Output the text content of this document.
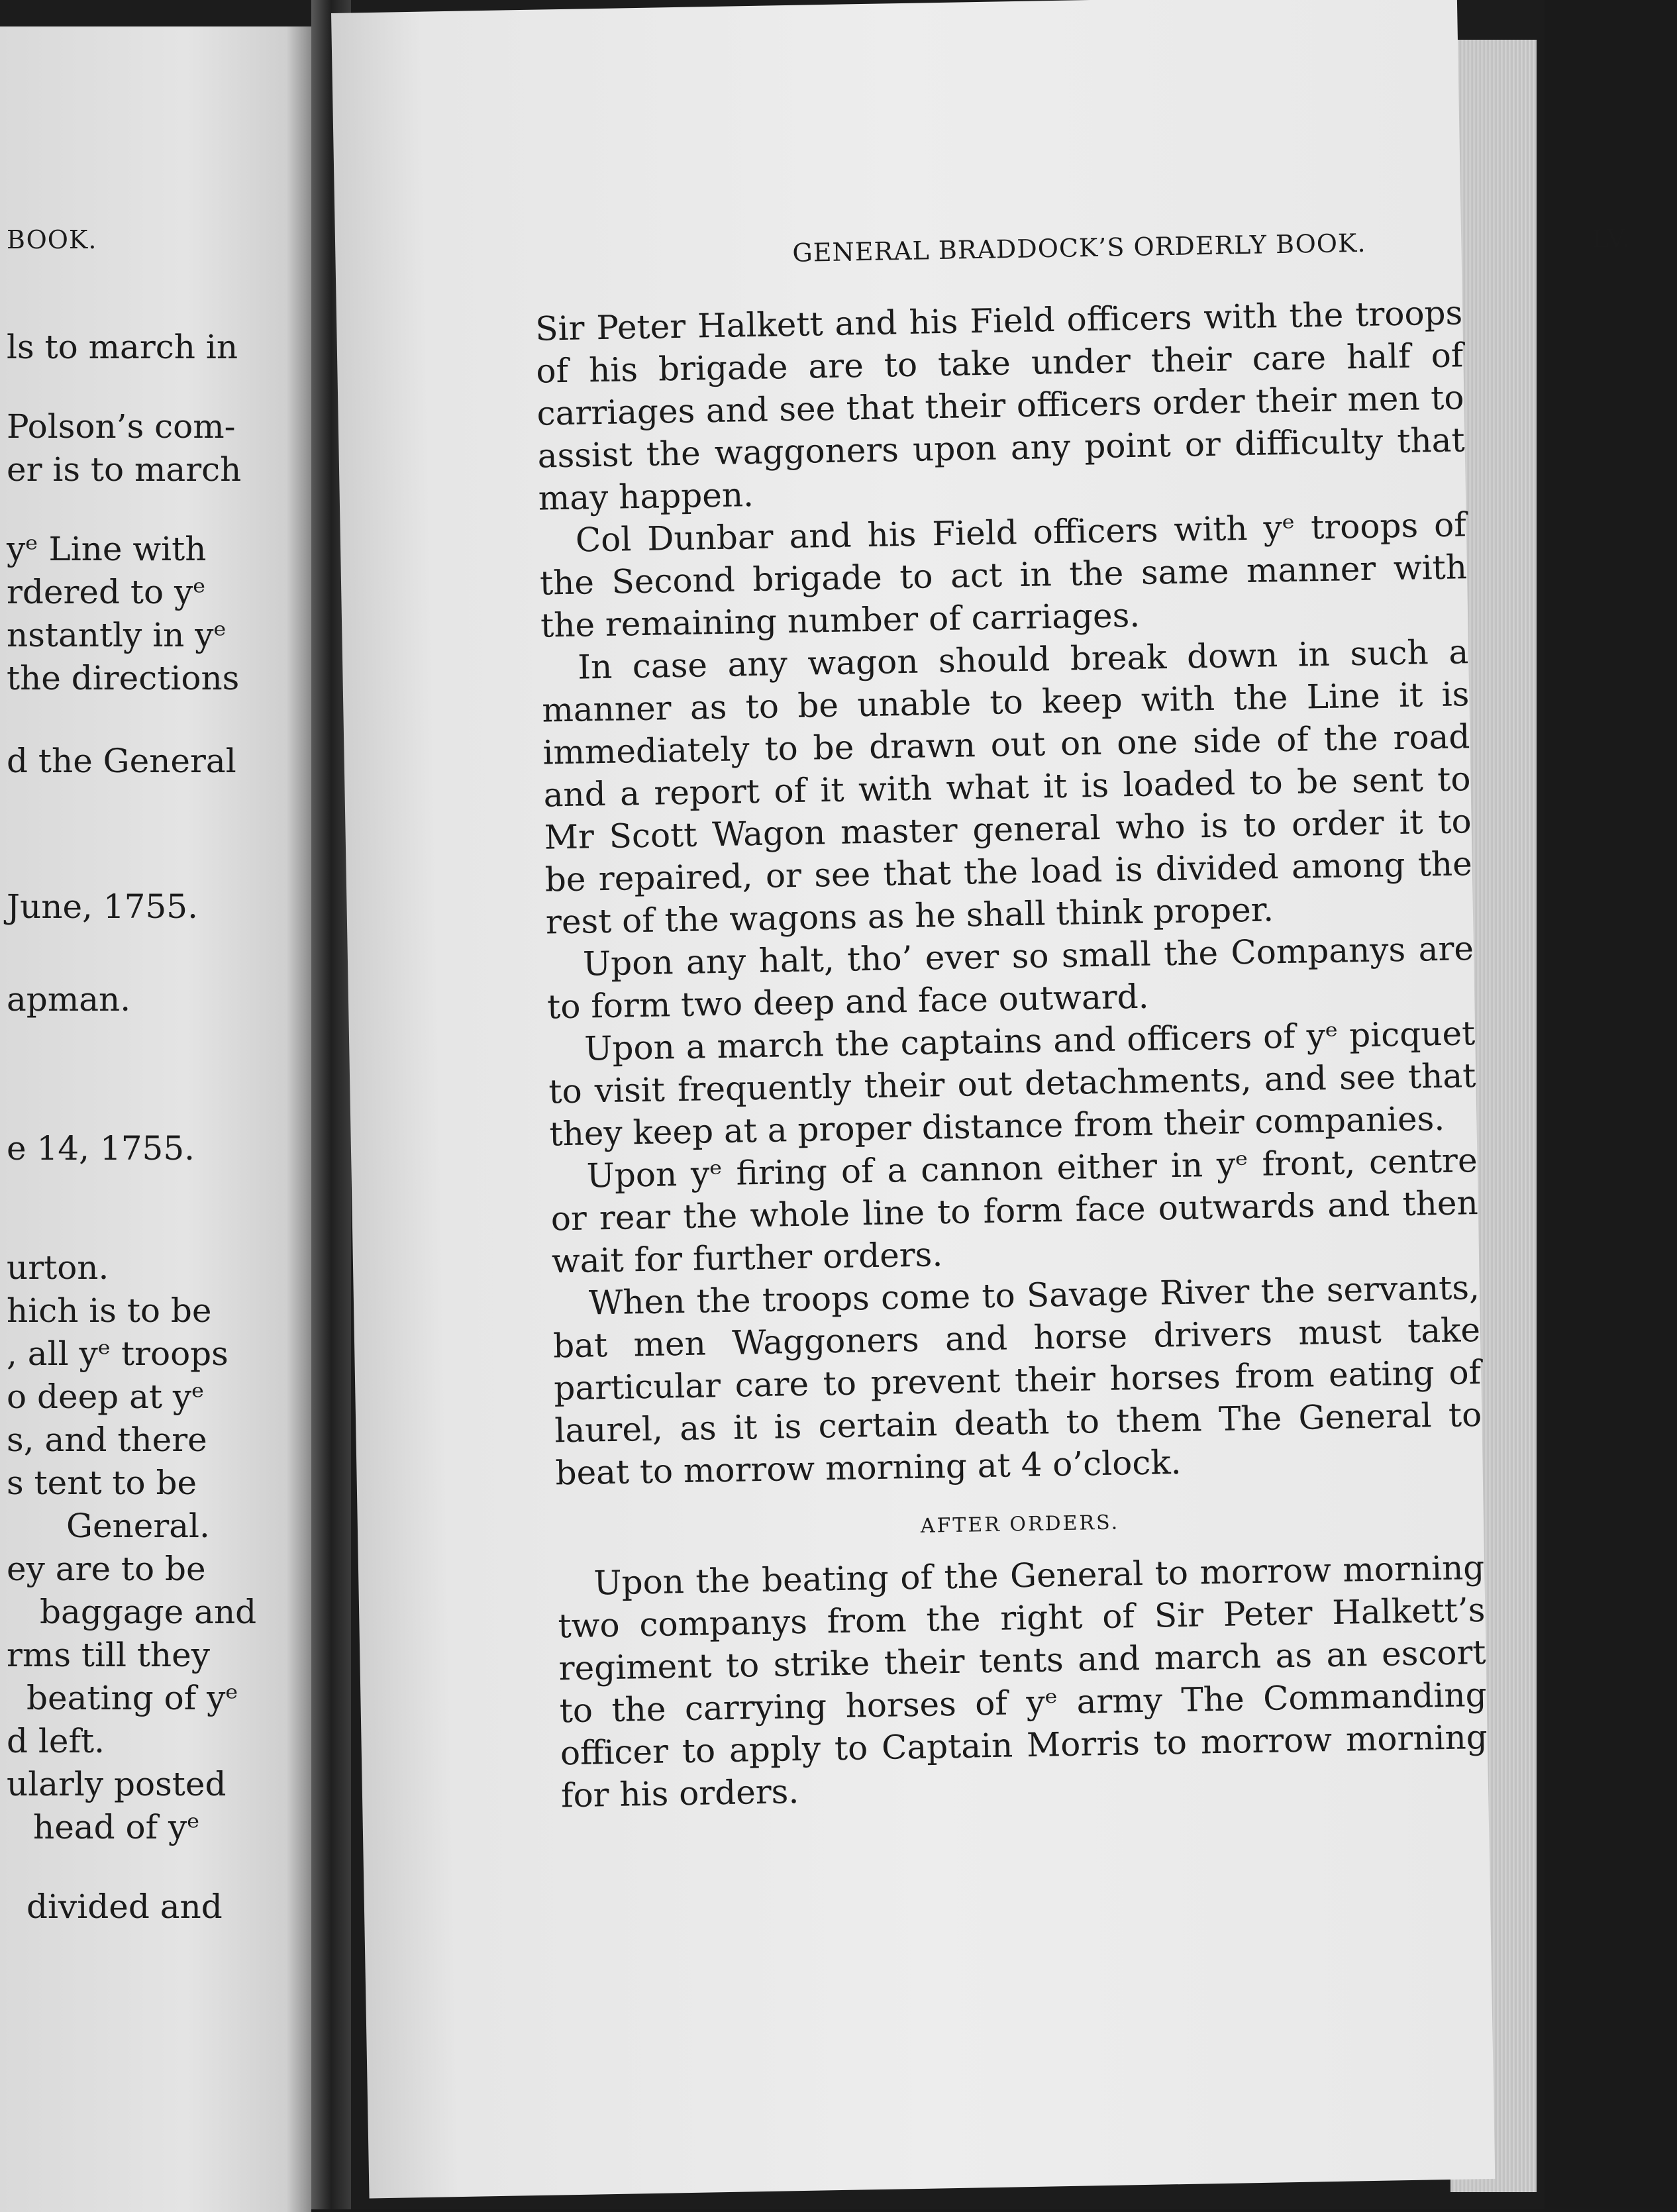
BOOK.
ls to march in
Polson’s com-
er is to march
yᵉ Line with
rdered to yᵉ
nstantly in yᵉ
the directions
d the General
June, 1755.
apman.
e 14, 1755.
urton.
hich is to be
, all yᵉ troops
o deep at yᵉ
s, and there
s tent to be
General.
ey are to be
baggage and
rms till they
beating of yᵉ
d left.
ularly posted
head of yᵉ
divided and
GENERAL BRADDOCK’S ORDERLY BOOK.	LV.

Sir Peter Halkett and his Field officers with the troops of his brigade are to take under their care half of carriages and see that their officers order their men to assist the waggoners upon any point or difficulty that may happen.

Col Dunbar and his Field officers with yᵉ troops of the Second brigade to act in the same manner with the remaining number of carriages.

In case any wagon should break down in such a manner as to be unable to keep with the Line it is immediately to be drawn out on one side of the road and a report of it with what it is loaded to be sent to Mr Scott Wagon master general who is to order it to be repaired, or see that the load is divided among the rest of the wagons as he shall think proper.

Upon any halt, tho’ ever so small the Companys are to form two deep and face outward.

Upon a march the captains and officers of yᵉ picquet to visit frequently their out detachments, and see that they keep at a proper distance from their companies.

Upon yᵉ firing of a cannon either in yᵉ front, centre or rear the whole line to form face outwards and then wait for further orders.

When the troops come to Savage River the servants, bat men Waggoners and horse drivers must take particular care to prevent their horses from eating of laurel, as it is certain death to them The General to beat to morrow morning at 4 o’clock.

AFTER ORDERS.

Upon the beating of the General to morrow morning two companys from the right of Sir Peter Halkett’s regiment to strike their tents and march as an escort to the carrying horses of yᵉ army The Commanding officer to apply to Captain Morris to morrow morning for his orders.
